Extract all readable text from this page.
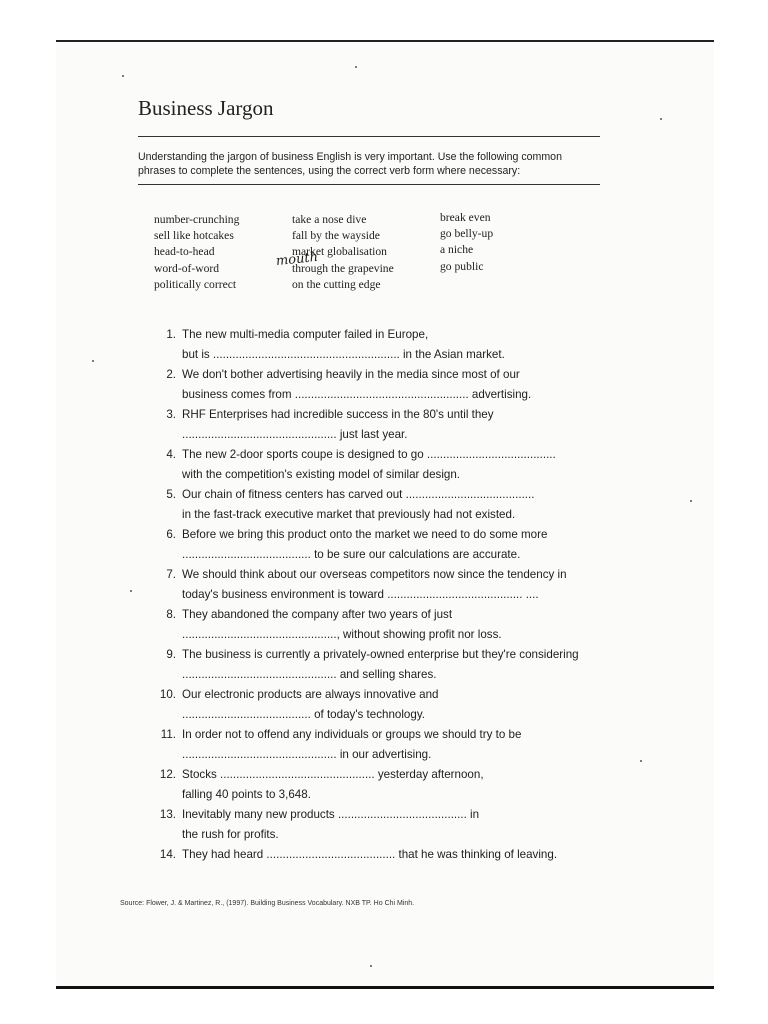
Business Jargon
Understanding the jargon of business English is very important. Use the following common phrases to complete the sentences, using the correct verb form where necessary:
number-crunching
sell like hotcakes
head-to-head
word-of-word
politically correct
mouth
take a nose dive
fall by the wayside
market globalisation
through the grapevine
on the cutting edge
break even
go belly-up
a niche
go public
1. The new multi-media computer failed in Europe,
but is .......................................................... in the Asian market.
2. We don't bother advertising heavily in the media since most of our
business comes from ...................................................... advertising.
3. RHF Enterprises had incredible success in the 80's until they
................................................ just last year.
4. The new 2-door sports coupe is designed to go ........................................
with the competition's existing model of similar design.
5. Our chain of fitness centers has carved out ........................................
in the fast-track executive market that previously had not existed.
6. Before we bring this product onto the market we need to do some more
........................................ to be sure our calculations are accurate.
7. We should think about our overseas competitors now since the tendency in
today's business environment is toward .......................................... ....
8. They abandoned the company after two years of just
................................................, without showing profit nor loss.
9. The business is currently a privately-owned enterprise but they're considering
................................................ and selling shares.
10. Our electronic products are always innovative and
........................................ of today's technology.
11. In order not to offend any individuals or groups we should try to be
................................................ in our advertising.
12. Stocks ................................................ yesterday afternoon,
falling 40 points to 3,648.
13. Inevitably many new products ........................................ in
the rush for profits.
14. They had heard ........................................ that he was thinking of leaving.
Source: Flower, J. & Martinez, R., (1997). Building Business Vocabulary. NXB TP. Ho Chi Minh.
